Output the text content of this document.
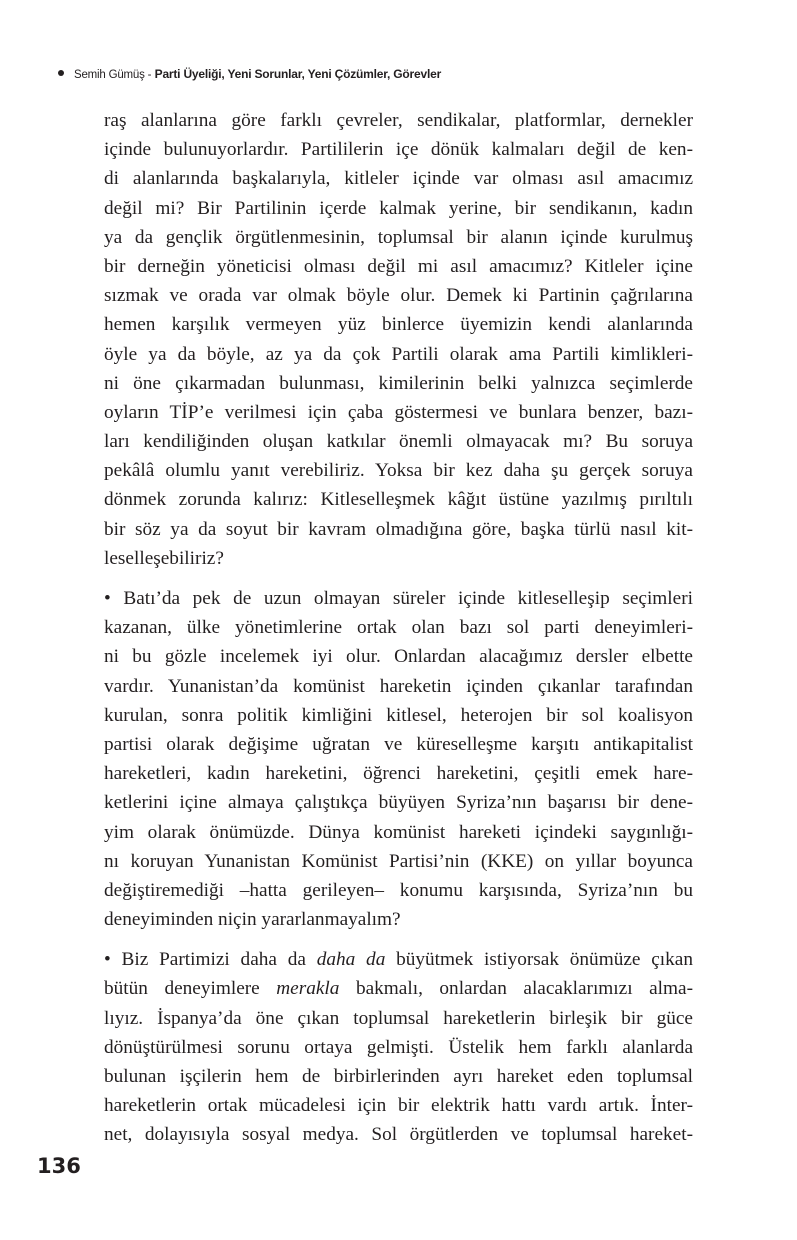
Semih Gümüş - Parti Üyeliği, Yeni Sorunlar, Yeni Çözümler, Görevler
raş alanlarına göre farklı çevreler, sendikalar, platformlar, dernekler
içinde bulunuyorlardır. Partililerin içe dönük kalmaları değil de ken-
di alanlarında başkalarıyla, kitleler içinde var olması asıl amacımız
değil mi? Bir Partilinin içerde kalmak yerine, bir sendikanın, kadın
ya da gençlik örgütlenmesinin, toplumsal bir alanın içinde kurulmuş
bir derneğin yöneticisi olması değil mi asıl amacımız? Kitleler içine
sızmak ve orada var olmak böyle olur. Demek ki Partinin çağrılarına
hemen karşılık vermeyen yüz binlerce üyemizin kendi alanlarında
öyle ya da böyle, az ya da çok Partili olarak ama Partili kimlikleri-
ni öne çıkarmadan bulunması, kimilerinin belki yalnızca seçimlerde
oyların TİP’e verilmesi için çaba göstermesi ve bunlara benzer, bazı-
ları kendiliğinden oluşan katkılar önemli olmayacak mı? Bu soruya
pekâlâ olumlu yanıt verebiliriz. Yoksa bir kez daha şu gerçek soruya
dönmek zorunda kalırız: Kitleselleşmek kâğıt üstüne yazılmış pırıltılı
bir söz ya da soyut bir kavram olmadığına göre, başka türlü nasıl kit-
leselleşebiliriz?
• Batı’da pek de uzun olmayan süreler içinde kitleselleşip seçimleri
kazanan, ülke yönetimlerine ortak olan bazı sol parti deneyimleri-
ni bu gözle incelemek iyi olur. Onlardan alacağımız dersler elbette
vardır. Yunanistan’da komünist hareketin içinden çıkanlar tarafından
kurulan, sonra politik kimliğini kitlesel, heterojen bir sol koalisyon
partisi olarak değişime uğratan ve küreselleşme karşıtı antikapitalist
hareketleri, kadın hareketini, öğrenci hareketini, çeşitli emek hare-
ketlerini içine almaya çalıştıkça büyüyen Syriza’nın başarısı bir dene-
yim olarak önümüzde. Dünya komünist hareketi içindeki saygınlığı-
nı koruyan Yunanistan Komünist Partisi’nin (KKE) on yıllar boyunca
değiştiremediği –hatta gerileyen– konumu karşısında, Syriza’nın bu
deneyiminden niçin yararlanmayalım?
• Biz Partimizi daha da daha da büyütmek istiyorsak önümüze çıkan
bütün deneyimlere merakla bakmalı, onlardan alacaklarımızı alma-
lıyız. İspanya’da öne çıkan toplumsal hareketlerin birleşik bir güce
dönüştürülmesi sorunu ortaya gelmişti. Üstelik hem farklı alanlarda
bulunan işçilerin hem de birbirlerinden ayrı hareket eden toplumsal
hareketlerin ortak mücadelesi için bir elektrik hattı vardı artık. İnter-
net, dolayısıyla sosyal medya. Sol örgütlerden ve toplumsal hareket-
136
